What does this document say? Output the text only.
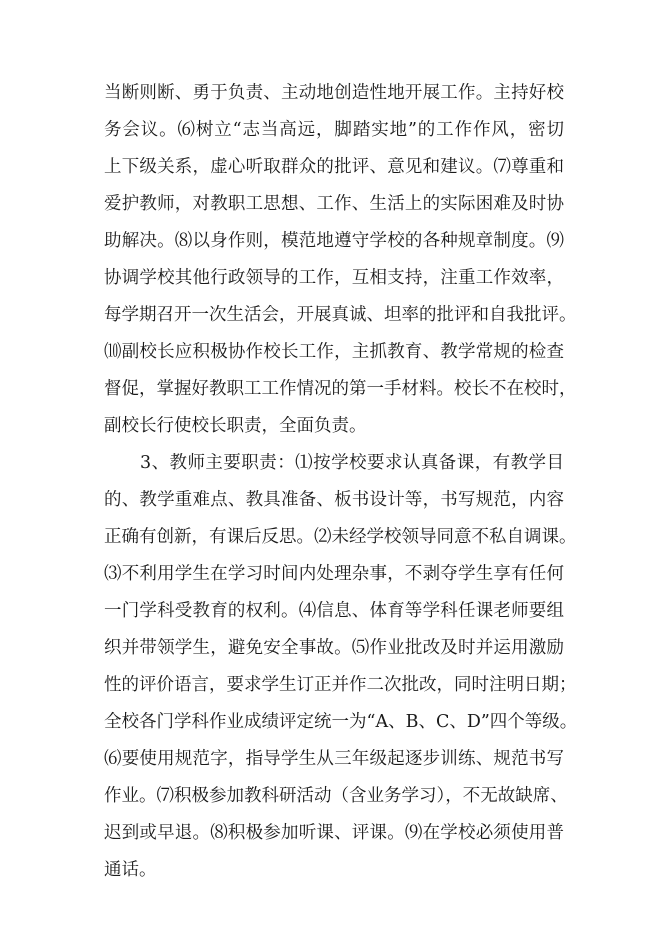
当断则断、勇于负责、主动地创造性地开展工作。主持好校
务会议。⑹树立“志当高远，脚踏实地”的工作作风，密切
上下级关系，虚心听取群众的批评、意见和建议。⑺尊重和
爱护教师，对教职工思想、工作、生活上的实际困难及时协
助解决。⑻以身作则，模范地遵守学校的各种规章制度。⑼
协调学校其他行政领导的工作，互相支持，注重工作效率，
每学期召开一次生活会，开展真诚、坦率的批评和自我批评。
⑽副校长应积极协作校长工作，主抓教育、教学常规的检查
督促，掌握好教职工工作情况的第一手材料。校长不在校时，
副校长行使校长职责，全面负责。
3、教师主要职责：⑴按学校要求认真备课，有教学目
的、教学重难点、教具准备、板书设计等，书写规范，内容
正确有创新，有课后反思。⑵未经学校领导同意不私自调课。
⑶不利用学生在学习时间内处理杂事，不剥夺学生享有任何
一门学科受教育的权利。⑷信息、体育等学科任课老师要组
织并带领学生，避免安全事故。⑸作业批改及时并运用激励
性的评价语言，要求学生订正并作二次批改，同时注明日期；
全校各门学科作业成绩评定统一为“A、B、C、D”四个等级。
⑹要使用规范字，指导学生从三年级起逐步训练、规范书写
作业。⑺积极参加教科研活动（含业务学习），不无故缺席、
迟到或早退。⑻积极参加听课、评课。⑼在学校必须使用普
通话。
